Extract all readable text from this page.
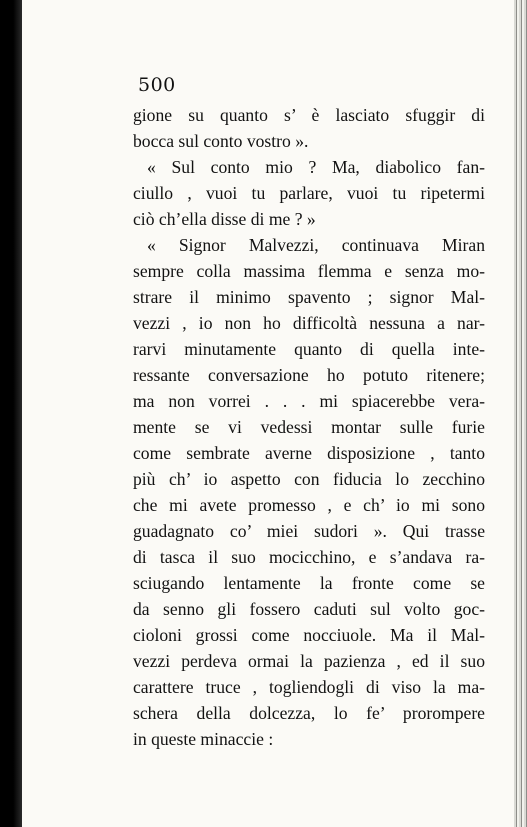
500
gione su quanto s’ è lasciato sfuggir di
bocca sul conto vostro ».
« Sul conto mio ? Ma, diabolico fan-
ciullo , vuoi tu parlare, vuoi tu ripetermi
ciò ch’ella disse di me ? »
« Signor Malvezzi, continuava Miran
sempre colla massima flemma e senza mo-
strare il minimo spavento ; signor Mal-
vezzi , io non ho difficoltà nessuna a nar-
rarvi minutamente quanto di quella inte-
ressante conversazione ho potuto ritenere;
ma non vorrei . . . mi spiacerebbe vera-
mente se vi vedessi montar sulle furie
come sembrate averne disposizione , tanto
più ch’ io aspetto con fiducia lo zecchino
che mi avete promesso , e ch’ io mi sono
guadagnato co’ miei sudori ». Qui trasse
di tasca il suo mocicchino, e s’andava ra-
sciugando lentamente la fronte come se
da senno gli fossero caduti sul volto goc-
cioloni grossi come nocciuole. Ma il Mal-
vezzi perdeva ormai la pazienza , ed il suo
carattere truce , togliendogli di viso la ma-
schera della dolcezza, lo fe’ prorompere
in queste minaccie :
